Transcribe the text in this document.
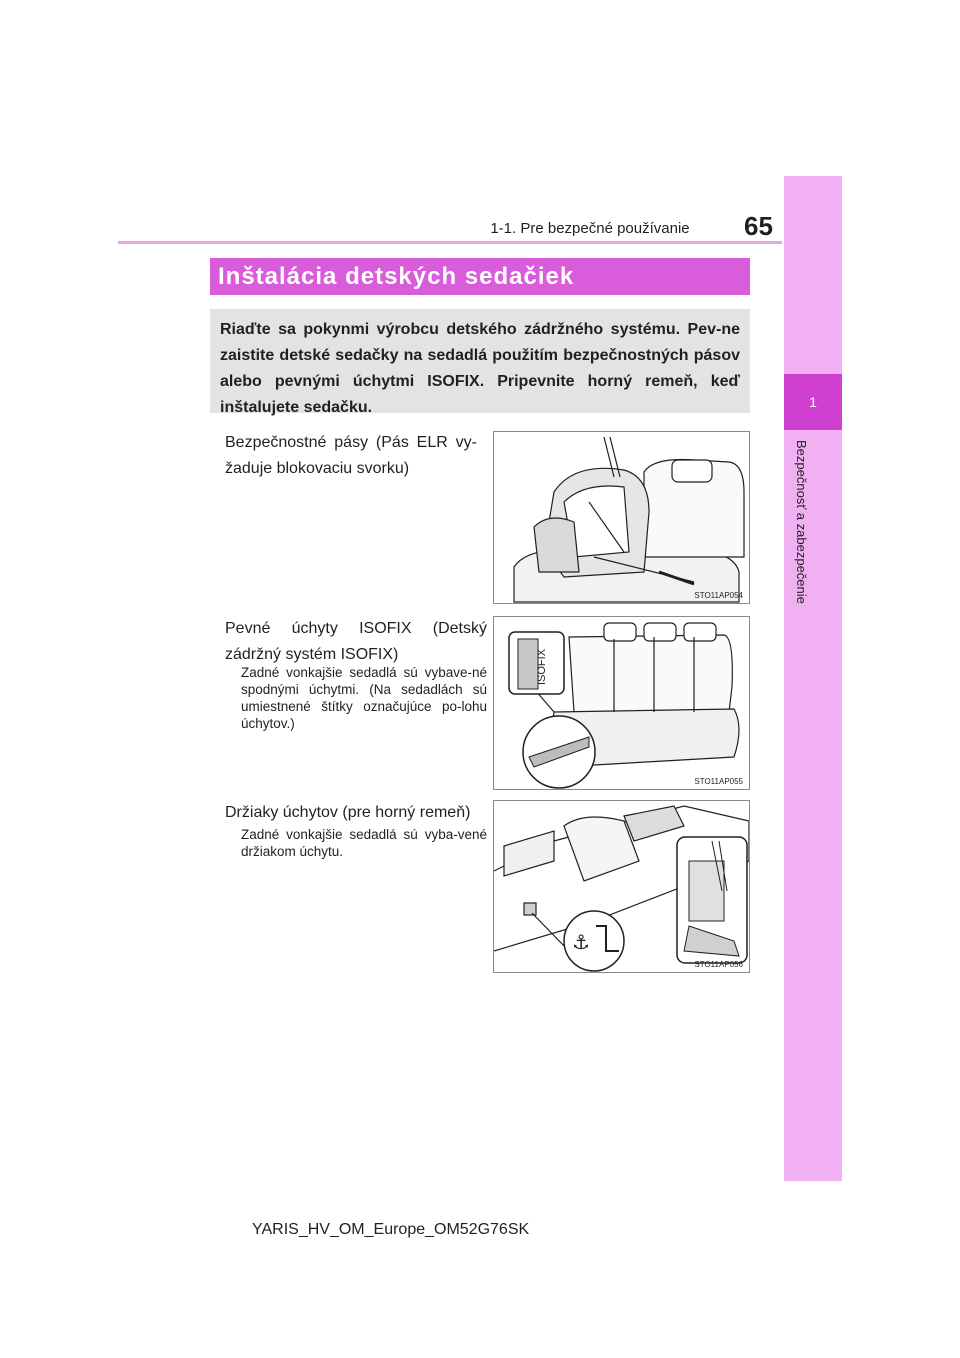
1
Bezpečnosť a zabezpečenie
1-1. Pre bezpečné používanie	65
Inštalácia detských sedačiek
Riaďte sa pokynmi výrobcu detského zádržného systému. Pev-ne zaistite detské sedačky na sedadlá použitím bezpečnostných pásov alebo pevnými úchytmi ISOFIX. Pripevnite horný remeň, keď inštalujete sedačku.
Bezpečnostné pásy (Pás ELR vy-žaduje blokovaciu svorku)
STO11AP054
Pevné úchyty ISOFIX (Detský zádržný systém ISOFIX)
Zadné vonkajšie sedadlá sú vybave-né spodnými úchytmi. (Na sedadlách sú umiestnené štítky označujúce po-lohu úchytov.)
ISOFIX
STO11AP055
Držiaky úchytov (pre horný remeň)
Zadné vonkajšie sedadlá sú vyba-vené držiakom úchytu.
⚓
STO11AP056
YARIS_HV_OM_Europe_OM52G76SK
